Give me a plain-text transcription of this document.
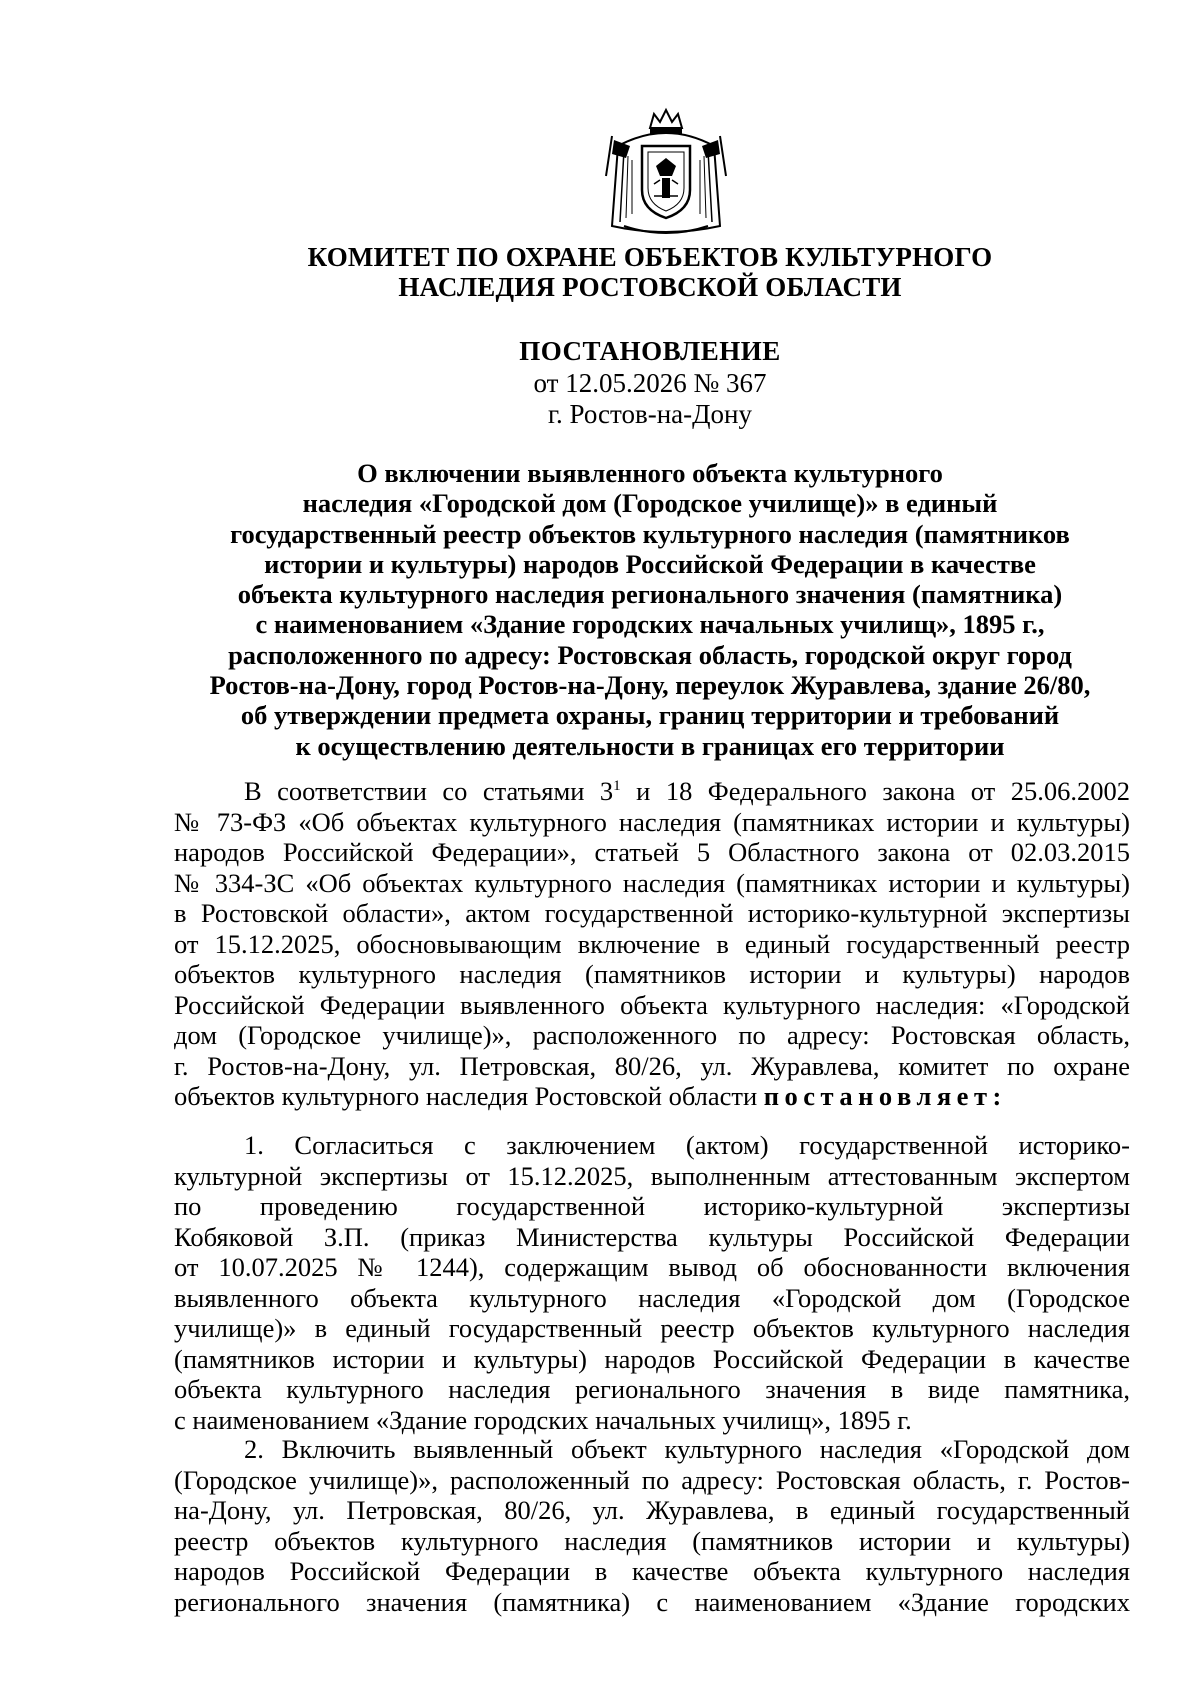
КОМИТЕТ ПО ОХРАНЕ ОБЪЕКТОВ КУЛЬТУРНОГО
НАСЛЕДИЯ РОСТОВСКОЙ ОБЛАСТИ
ПОСТАНОВЛЕНИЕ
от 12.05.2026 № 367
г. Ростов-на-Дону
О включении выявленного объекта культурного
наследия «Городской дом (Городское училище)» в единый
государственный реестр объектов культурного наследия (памятников
истории и культуры) народов Российской Федерации в качестве
объекта культурного наследия регионального значения (памятника)
с наименованием «Здание городских начальных училищ», 1895 г.,
расположенного по адресу: Ростовская область, городской округ город
Ростов-на-Дону, город Ростов-на-Дону, переулок Журавлева, здание 26/80,
об утверждении предмета охраны, границ территории и требований
к осуществлению деятельности в границах его территории
В соответствии со статьями $3^1$ и 18 Федерального закона от 25.06.2002
№ 73-ФЗ «Об объектах культурного наследия (памятниках истории и культуры)
народов Российской Федерации», статьей 5 Областного закона от 02.03.2015
№ 334-ЗС «Об объектах культурного наследия (памятниках истории и культуры)
в Ростовской области», актом государственной историко-культурной экспертизы
от 15.12.2025, обосновывающим включение в единый государственный реестр
объектов культурного наследия (памятников истории и культуры) народов
Российской Федерации выявленного объекта культурного наследия: «Городской
дом (Городское училище)», расположенного по адресу: Ростовская область,
г. Ростов-на-Дону, ул. Петровская, 80/26, ул. Журавлева, комитет по охране
объектов культурного наследия Ростовской области постановляет:
1. Согласиться с заключением (актом) государственной историко-
культурной экспертизы от 15.12.2025, выполненным аттестованным экспертом
по проведению государственной историко-культурной экспертизы
Кобяковой З.П. (приказ Министерства культуры Российской Федерации
от 10.07.2025 № 1244), содержащим вывод об обоснованности включения
выявленного объекта культурного наследия «Городской дом (Городское
училище)» в единый государственный реестр объектов культурного наследия
(памятников истории и культуры) народов Российской Федерации в качестве
объекта культурного наследия регионального значения в виде памятника,
с наименованием «Здание городских начальных училищ», 1895 г.
2. Включить выявленный объект культурного наследия «Городской дом
(Городское училище)», расположенный по адресу: Ростовская область, г. Ростов-
на-Дону, ул. Петровская, 80/26, ул. Журавлева, в единый государственный
реестр объектов культурного наследия (памятников истории и культуры)
народов Российской Федерации в качестве объекта культурного наследия
регионального значения (памятника) с наименованием «Здание городских
